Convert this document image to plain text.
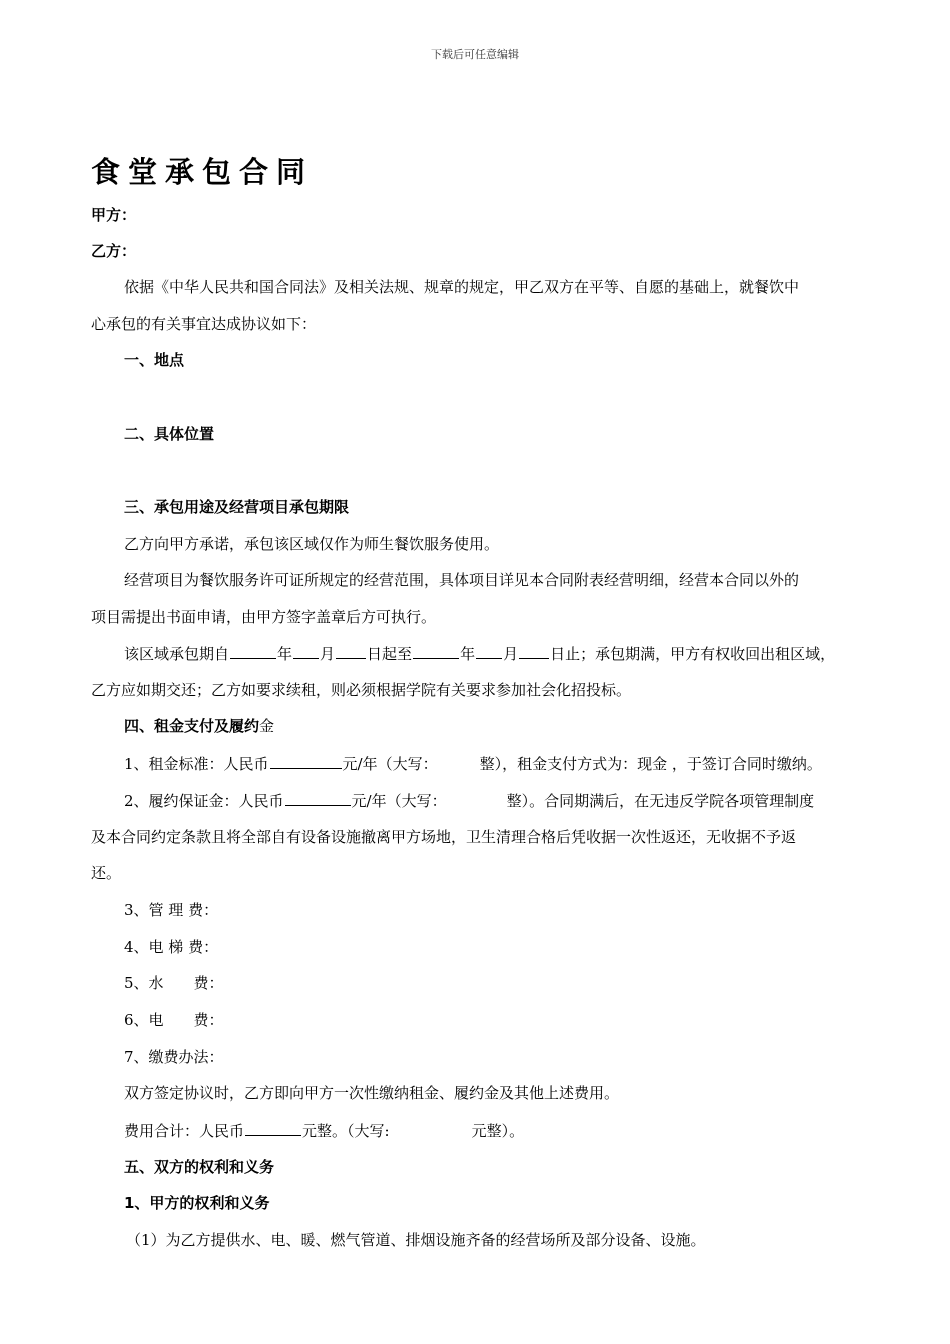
下载后可任意编辑
食堂承包合同
甲方：
乙方：
依据《中华人民共和国合同法》及相关法规、规章的规定，甲乙双方在平等、自愿的基础上，就餐饮中
心承包的有关事宜达成协议如下：
一、地点
二、具体位置
三、承包用途及经营项目承包期限
乙方向甲方承诺，承包该区域仅作为师生餐饮服务使用。
经营项目为餐饮服务许可证所规定的经营范围，具体项目详见本合同附表经营明细，经营本合同以外的
项目需提出书面申请，由甲方签字盖章后方可执行。
该区域承包期自	年 月 日起至	年 月 日止；承包期满，甲方有权收回出租区域，
乙方应如期交还；乙方如要求续租，则必须根据学院有关要求参加社会化招投标。
四、租金支付及履约金
1、租金标准：人民币	元/年（大写：	整），租金支付方式为：现金 ，于签订合同时缴纳。
2、履约保证金：人民币	元/年（大写：	整）。合同期满后，在无违反学院各项管理制度
及本合同约定条款且将全部自有设备设施撤离甲方场地，卫生清理合格后凭收据一次性返还，无收据不予返
还。
3、管 理 费：
4、电 梯 费：
5、水　　费：
6、电　　费：
7、缴费办法：
双方签定协议时，乙方即向甲方一次性缴纳租金、履约金及其他上述费用。
费用合计：人民币	元整。（大写:	元整）。
五、双方的权利和义务
1、甲方的权利和义务
（1）为乙方提供水、电、暖、燃气管道、排烟设施齐备的经营场所及部分设备、设施。
